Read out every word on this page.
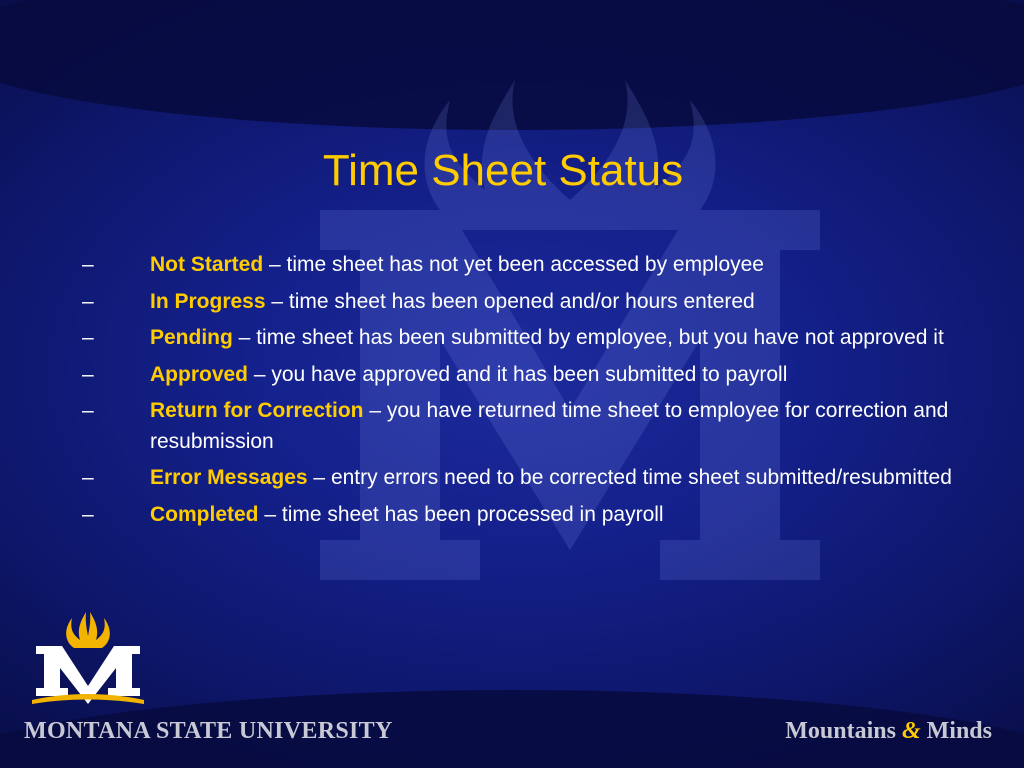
Time Sheet Status
–	Not Started – time sheet has not yet been accessed by employee
–	In Progress – time sheet has been opened and/or hours entered
–	Pending – time sheet has been submitted by employee, but you have not approved it
–	Approved – you have approved and it has been submitted to payroll
–	Return for Correction – you have returned time sheet to employee for correction and resubmission
–	Error Messages – entry errors need to be corrected time sheet submitted/resubmitted
–	Completed – time sheet has been processed in payroll
MONTANA STATE UNIVERSITY	Mountains & Minds
